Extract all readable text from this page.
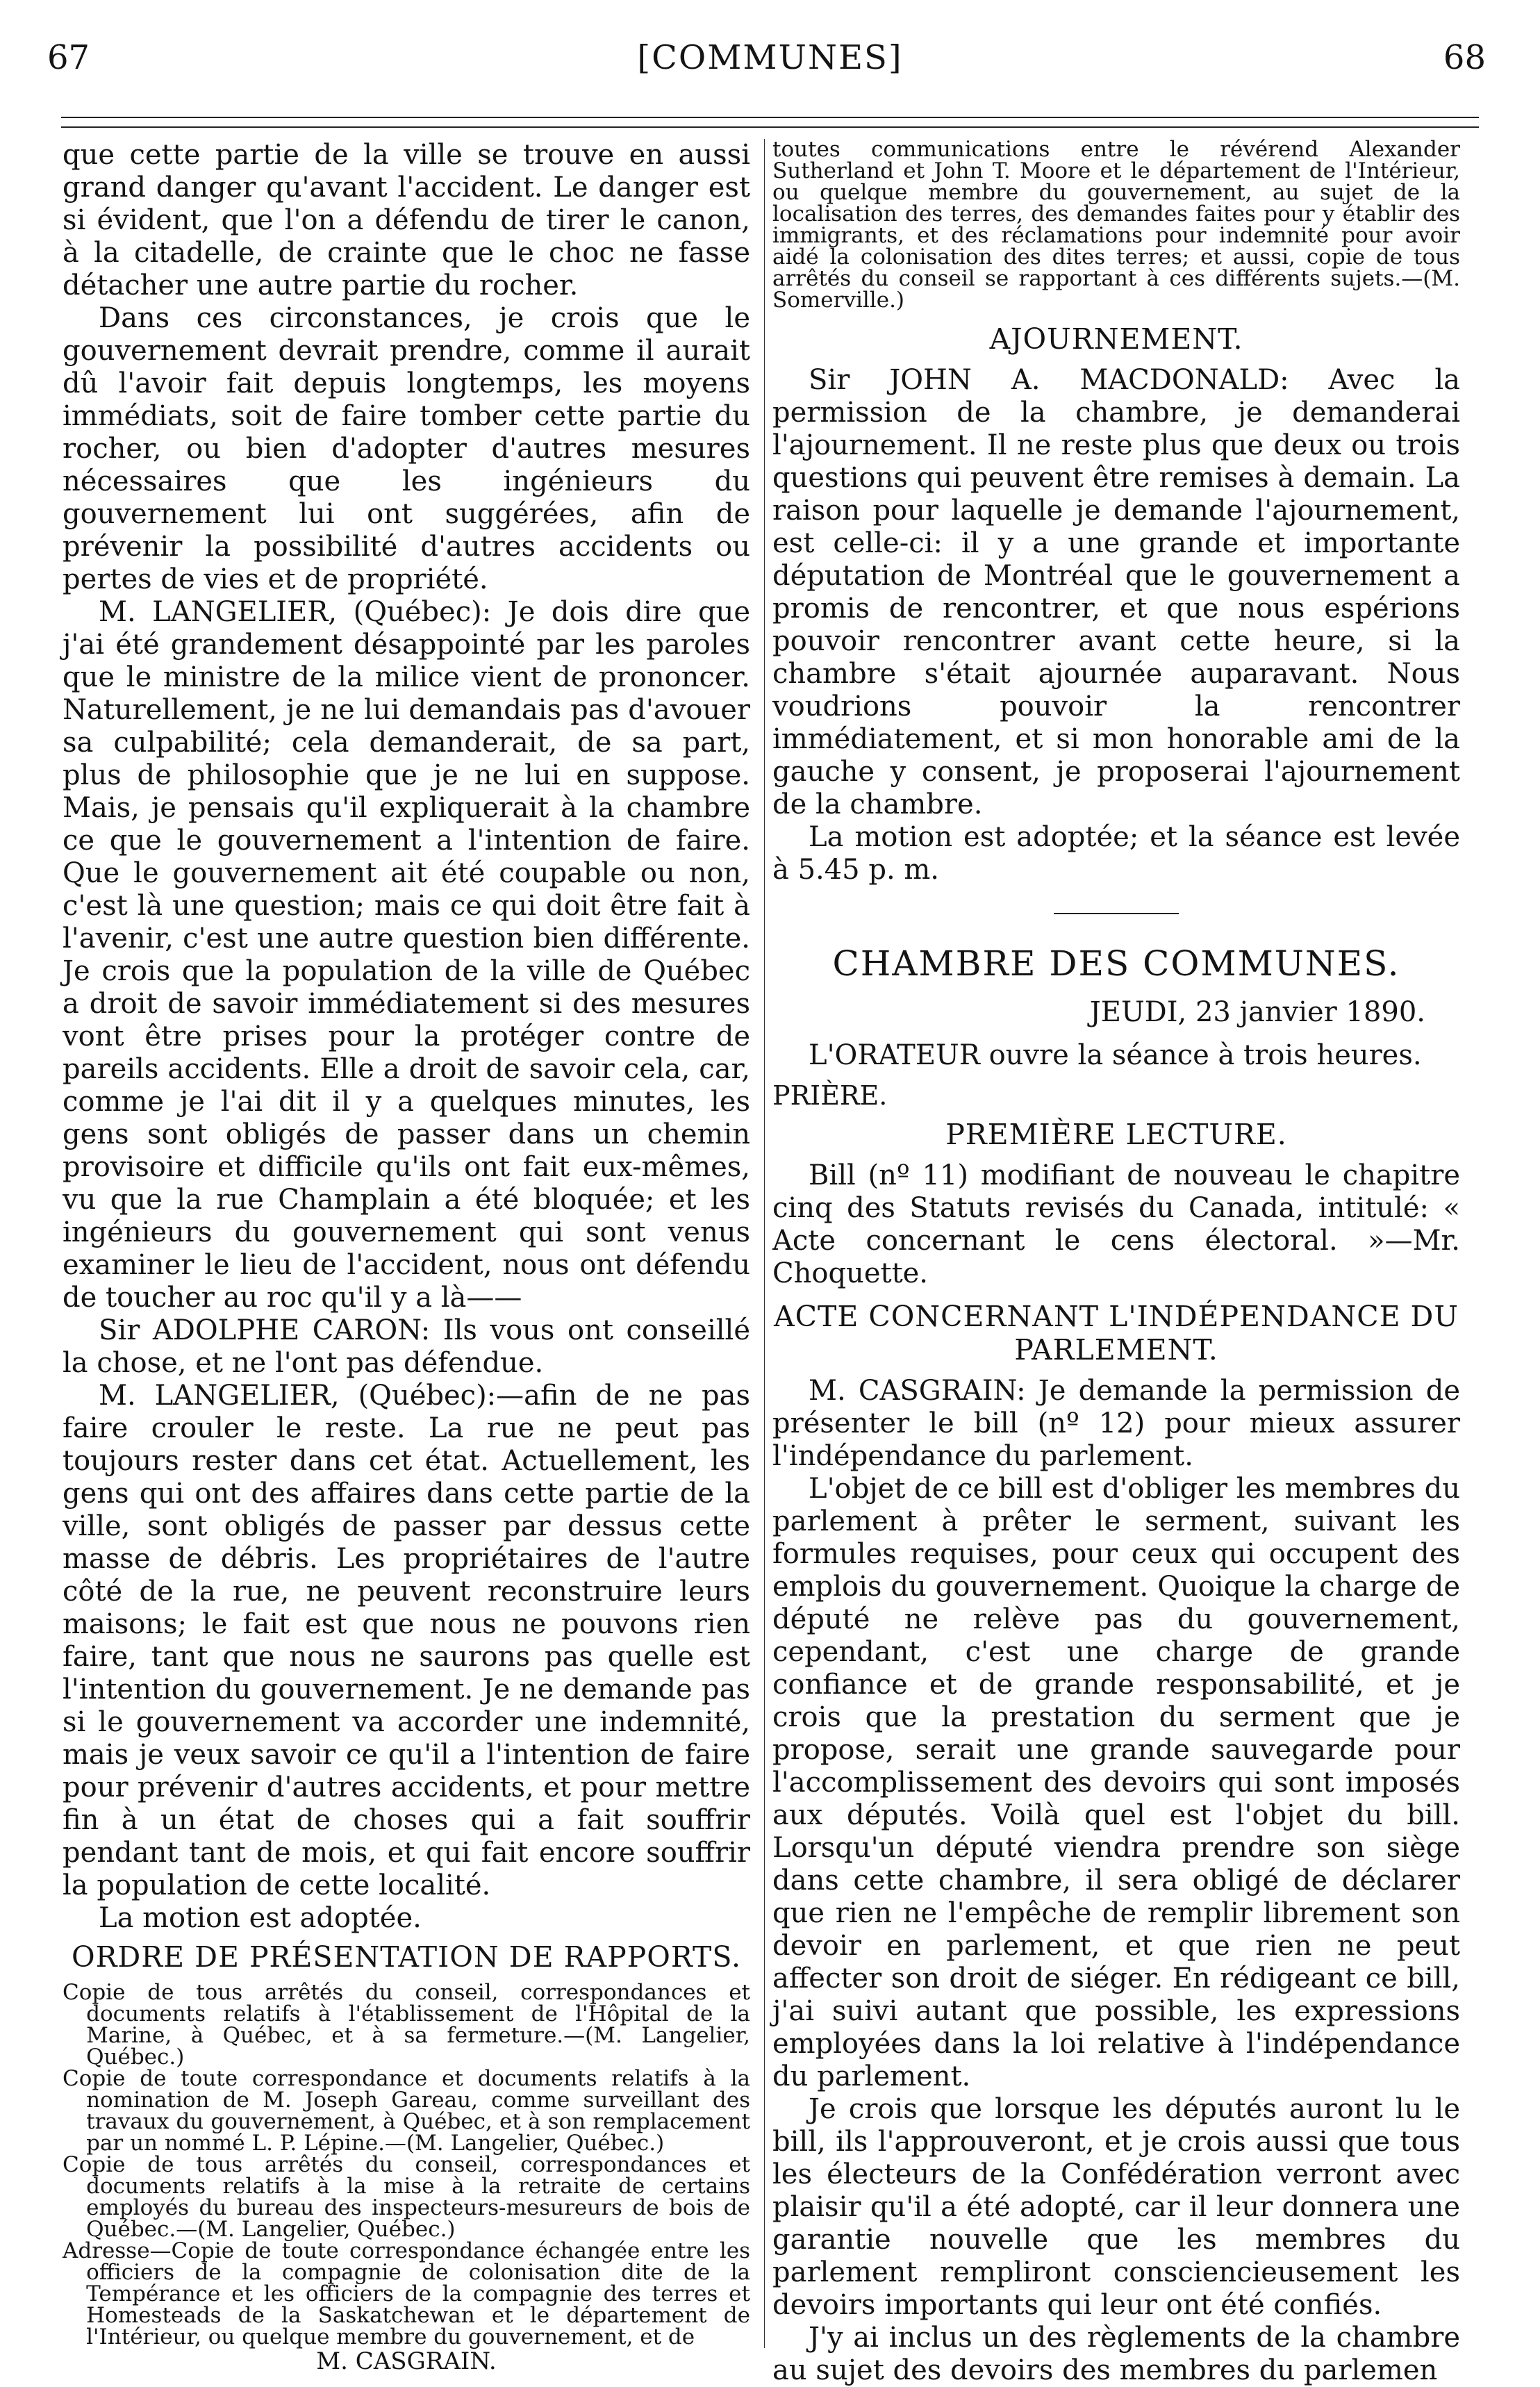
67	[COMMUNES]	68

que cette partie de la ville se trouve en aussi grand danger qu'avant l'accident. Le danger est si évident, que l'on a défendu de tirer le canon, à la citadelle, de crainte que le choc ne fasse détacher une autre partie du rocher.

Dans ces circonstances, je crois que le gouvernement devrait prendre, comme il aurait dû l'avoir fait depuis longtemps, les moyens immédiats, soit de faire tomber cette partie du rocher, ou bien d'adopter d'autres mesures nécessaires que les ingénieurs du gouvernement lui ont suggérées, afin de prévenir la possibilité d'autres accidents ou pertes de vies et de propriété.

M. LANGELIER, (Québec): Je dois dire que j'ai été grandement désappointé par les paroles que le ministre de la milice vient de prononcer. Naturellement, je ne lui demandais pas d'avouer sa culpabilité; cela demanderait, de sa part, plus de philosophie que je ne lui en suppose. Mais, je pensais qu'il expliquerait à la chambre ce que le gouvernement a l'intention de faire. Que le gouvernement ait été coupable ou non, c'est là une question; mais ce qui doit être fait à l'avenir, c'est une autre question bien différente. Je crois que la population de la ville de Québec a droit de savoir immédiatement si des mesures vont être prises pour la protéger contre de pareils accidents. Elle a droit de savoir cela, car, comme je l'ai dit il y a quelques minutes, les gens sont obligés de passer dans un chemin provisoire et difficile qu'ils ont fait eux-mêmes, vu que la rue Champlain a été bloquée; et les ingénieurs du gouvernement qui sont venus examiner le lieu de l'accident, nous ont défendu de toucher au roc qu'il y a là——

Sir ADOLPHE CARON: Ils vous ont conseillé la chose, et ne l'ont pas défendue.

M. LANGELIER, (Québec):—afin de ne pas faire crouler le reste. La rue ne peut pas toujours rester dans cet état. Actuellement, les gens qui ont des affaires dans cette partie de la ville, sont obligés de passer par dessus cette masse de débris. Les propriétaires de l'autre côté de la rue, ne peuvent reconstruire leurs maisons; le fait est que nous ne pouvons rien faire, tant que nous ne saurons pas quelle est l'intention du gouvernement. Je ne demande pas si le gouvernement va accorder une indemnité, mais je veux savoir ce qu'il a l'intention de faire pour prévenir d'autres accidents, et pour mettre fin à un état de choses qui a fait souffrir pendant tant de mois, et qui fait encore souffrir la population de cette localité.

La motion est adoptée.

ORDRE DE PRÉSENTATION DE RAPPORTS.

Copie de tous arrêtés du conseil, correspondances et documents relatifs à l'établissement de l'Hôpital de la Marine, à Québec, et à sa fermeture.—(M. Langelier, Québec.)

Copie de toute correspondance et documents relatifs à la nomination de M. Joseph Gareau, comme surveillant des travaux du gouvernement, à Québec, et à son remplacement par un nommé L. P. Lépine.—(M. Langelier, Québec.)

Copie de tous arrêtés du conseil, correspondances et documents relatifs à la mise à la retraite de certains employés du bureau des inspecteurs-mesureurs de bois de Québec.—(M. Langelier, Québec.)

Adresse—Copie de toute correspondance échangée entre les officiers de la compagnie de colonisation dite de la Tempérance et les officiers de la compagnie des terres et Homesteads de la Saskatchewan et le département de l'Intérieur, ou quelque membre du gouvernement, et de

M. CASGRAIN.

toutes communications entre le révérend Alexander Sutherland et John T. Moore et le département de l'Intérieur, ou quelque membre du gouvernement, au sujet de la localisation des terres, des demandes faites pour y établir des immigrants, et des réclamations pour indemnité pour avoir aidé la colonisation des dites terres; et aussi, copie de tous arrêtés du conseil se rapportant à ces différents sujets.—(M. Somerville.)

AJOURNEMENT.

Sir JOHN A. MACDONALD: Avec la permission de la chambre, je demanderai l'ajournement. Il ne reste plus que deux ou trois questions qui peuvent être remises à demain. La raison pour laquelle je demande l'ajournement, est celle-ci: il y a une grande et importante députation de Montréal que le gouvernement a promis de rencontrer, et que nous espérions pouvoir rencontrer avant cette heure, si la chambre s'était ajournée auparavant. Nous voudrions pouvoir la rencontrer immédiatement, et si mon honorable ami de la gauche y consent, je proposerai l'ajournement de la chambre.

La motion est adoptée; et la séance est levée à 5.45 p. m.

CHAMBRE DES COMMUNES.
JEUDI, 23 janvier 1890.

L'ORATEUR ouvre la séance à trois heures.

PRIÈRE.
PREMIÈRE LECTURE.

Bill (nº 11) modifiant de nouveau le chapitre cinq des Statuts revisés du Canada, intitulé: « Acte concernant le cens électoral. »—Mr. Choquette.

ACTE CONCERNANT L'INDÉPENDANCE DU PARLEMENT.

M. CASGRAIN: Je demande la permission de présenter le bill (nº 12) pour mieux assurer l'indépendance du parlement.

L'objet de ce bill est d'obliger les membres du parlement à prêter le serment, suivant les formules requises, pour ceux qui occupent des emplois du gouvernement. Quoique la charge de député ne relève pas du gouvernement, cependant, c'est une charge de grande confiance et de grande responsabilité, et je crois que la prestation du serment que je propose, serait une grande sauvegarde pour l'accomplissement des devoirs qui sont imposés aux députés. Voilà quel est l'objet du bill. Lorsqu'un député viendra prendre son siège dans cette chambre, il sera obligé de déclarer que rien ne l'empêche de remplir librement son devoir en parlement, et que rien ne peut affecter son droit de siéger. En rédigeant ce bill, j'ai suivi autant que possible, les expressions employées dans la loi relative à l'indépendance du parlement.

Je crois que lorsque les députés auront lu le bill, ils l'approuveront, et je crois aussi que tous les électeurs de la Confédération verront avec plaisir qu'il a été adopté, car il leur donnera une garantie nouvelle que les membres du parlement rempliront consciencieusement les devoirs importants qui leur ont été confiés.

J'y ai inclus un des règlements de la chambre au sujet des devoirs des membres du parlemen
